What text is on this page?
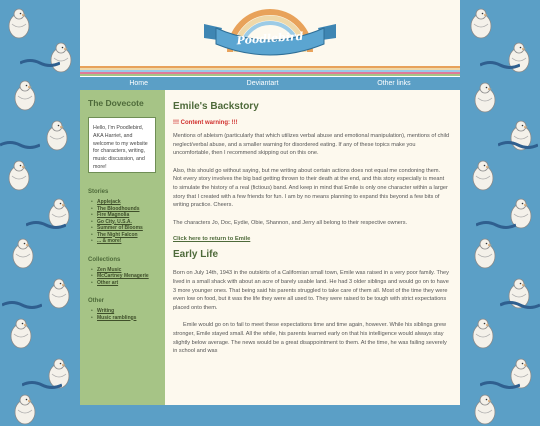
Poodlebird
Home	Deviantart	Other links
The Dovecote
Hello, I'm Poodlebird, AKA Harriet, and welcome to my website for characters, writing, music discussion, and more!
Stories
• Applejack
• The Bloodhounds
• Fire Magnolia
• Go City, U.S.A.
• Summer of Blooms
• The Night Falcon
• ... & more!
Collections
• Zen Music
• McCartney Menagerie
• Other art
Other
• Writing
• Music ramblings
Emile's Backstory
!!! Content warning: !!!

Mentions of ableism (particularly that which utilizes verbal abuse and emotional manipulation), mentions of child neglect/verbal abuse, and a smaller warning for disordered eating. If any of these topics make you uncomfortable, then I recommend skipping out on this one.

Also, this should go without saying, but me writing about certain actions does not equal me condoning them. Not every story involves the big bad getting thrown to their death at the end, and this story especially is meant to simulate the history of a real (fictious) band. And keep in mind that Emile is only one character within a larger story that I created with a few friends for fun. I am by no means planning to expand this beyond a few bits of writing practice. Cheers.

The characters Jo, Doc, Eydie, Obie, Shannon, and Jerry all belong to their respective owners.

Click here to return to Emile
Early Life

Born on July 14th, 1943 in the outskirts of a Californian small town, Emile was raised in a very poor family. They lived in a small shack with about an acre of barely usable land. He had 3 older siblings and would go on to have 3 more younger ones. That being said his parents struggled to take care of them all. Most of the time they were even low on food, but it was the life they were all used to. They were raised to be tough with strict expectations placed onto them.

Emile would go on to fail to meet these expectations time and time again, however. While his siblings grew stronger, Emile stayed small. All the while, his parents learned early on that his intelligence would always stay slightly below average. The news would be a great disappointment to them. At the time, he was failing severely in school and was
